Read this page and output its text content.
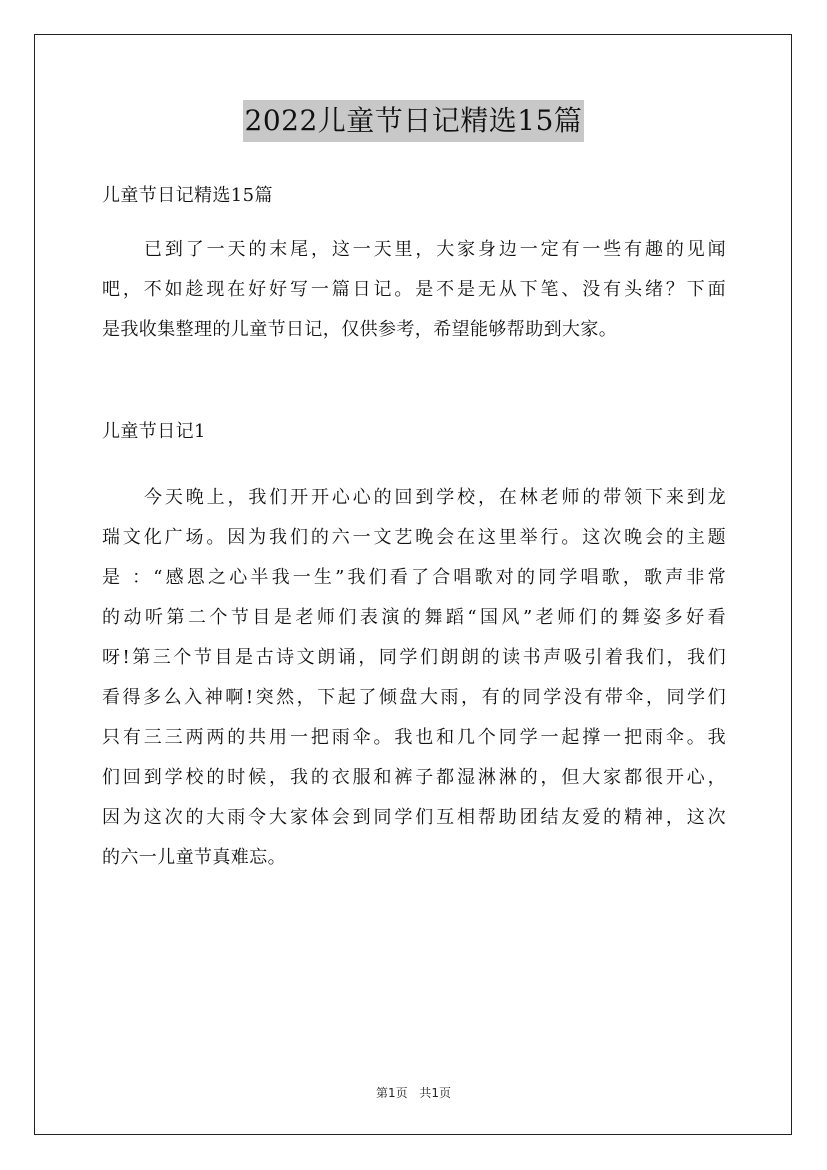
2022儿童节日记精选15篇
儿童节日记精选15篇
已到了一天的末尾，这一天里，大家身边一定有一些有趣的见闻
吧，不如趁现在好好写一篇日记。是不是无从下笔、没有头绪？下面
是我收集整理的儿童节日记，仅供参考，希望能够帮助到大家。
儿童节日记1
今天晚上，我们开开心心的回到学校，在林老师的带领下来到龙
瑞文化广场。因为我们的六一文艺晚会在这里举行。这次晚会的主题
是 ：“感恩之心半我一生”我们看了合唱歌对的同学唱歌，歌声非常
的动听第二个节目是老师们表演的舞蹈“国风”老师们的舞姿多好看
呀!第三个节目是古诗文朗诵，同学们朗朗的读书声吸引着我们，我们
看得多么入神啊!突然，下起了倾盘大雨，有的同学没有带伞，同学们
只有三三两两的共用一把雨伞。我也和几个同学一起撑一把雨伞。我
们回到学校的时候，我的衣服和裤子都湿淋淋的，但大家都很开心，
因为这次的大雨令大家体会到同学们互相帮助团结友爱的精神，这次
的六一儿童节真难忘。
第1页 共1页
